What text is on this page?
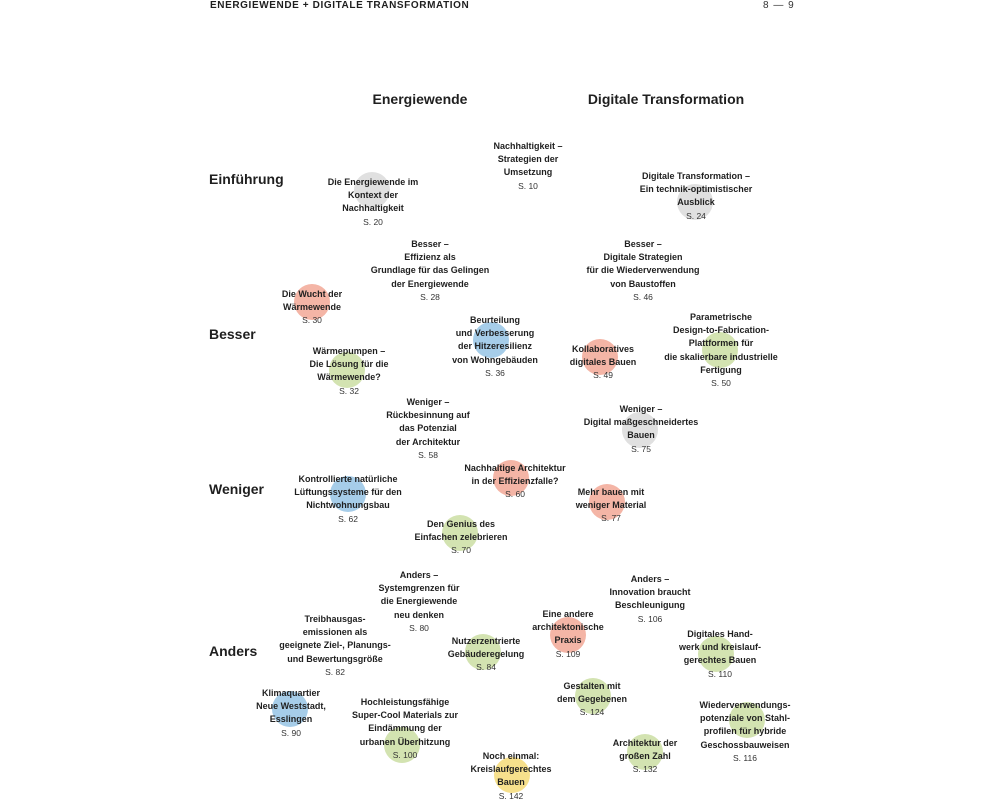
ENERGIEWENDE + DIGITALE TRANSFORMATION	8 — 9
Energiewende	Digitale Transformation
Einführung
Besser
Weniger
Anders
Nachhaltigkeit –
Strategien der
Umsetzung
S. 10
Die Energiewende im
Kontext der
Nachhaltigkeit
S. 20
Digitale Transformation –
Ein technik-optimistischer
Ausblick
S. 24
Besser –
Effizienz als
Grundlage für das Gelingen
der Energiewende
S. 28
Die Wucht der
Wärmewende
S. 30
Wärmepumpen –
Die Lösung für die
Wärmewende?
S. 32
Beurteilung
und Verbesserung
der Hitzeresilienz
von Wohngebäuden
S. 36
Besser –
Digitale Strategien
für die Wiederverwendung
von Baustoffen
S. 46
Kollaboratives
digitales Bauen
S. 49
Parametrische
Design-to-Fabrication-
Plattformen für
die skalierbare industrielle
Fertigung
S. 50
Weniger –
Rückbesinnung auf
das Potenzial
der Architektur
S. 58
Nachhaltige Architektur
in der Effizienzfalle?
S. 60
Kontrollierte natürliche
Lüftungssysteme für den
Nichtwohnungsbau
S. 62
Den Genius des
Einfachen zelebrieren
S. 70
Weniger –
Digital maßgeschneidertes
Bauen
S. 75
Mehr bauen mit
weniger Material
S. 77
Anders –
Systemgrenzen für
die Energiewende
neu denken
S. 80
Treibhausgas-
emissionen als
geeignete Ziel-, Planungs-
und Bewertungsgröße
S. 82
Nutzerzentrierte
Gebäuderegelung
S. 84
Klimaquartier
Neue Weststadt,
Esslingen
S. 90
Hochleistungsfähige
Super-Cool Materials zur
Eindämmung der
urbanen Überhitzung
S. 100
Anders –
Innovation braucht
Beschleunigung
S. 106
Eine andere
architektonische
Praxis
S. 109
Digitales Hand-
werk und kreislauf-
gerechtes Bauen
S. 110
Wiederverwendungs-
potenziale von Stahl-
profilen für hybride
Geschossbauweisen
S. 116
Gestalten mit
dem Gegebenen
S. 124
Architektur der
großen Zahl
S. 132
Noch einmal:
Kreislaufgerechtes
Bauen
S. 142
